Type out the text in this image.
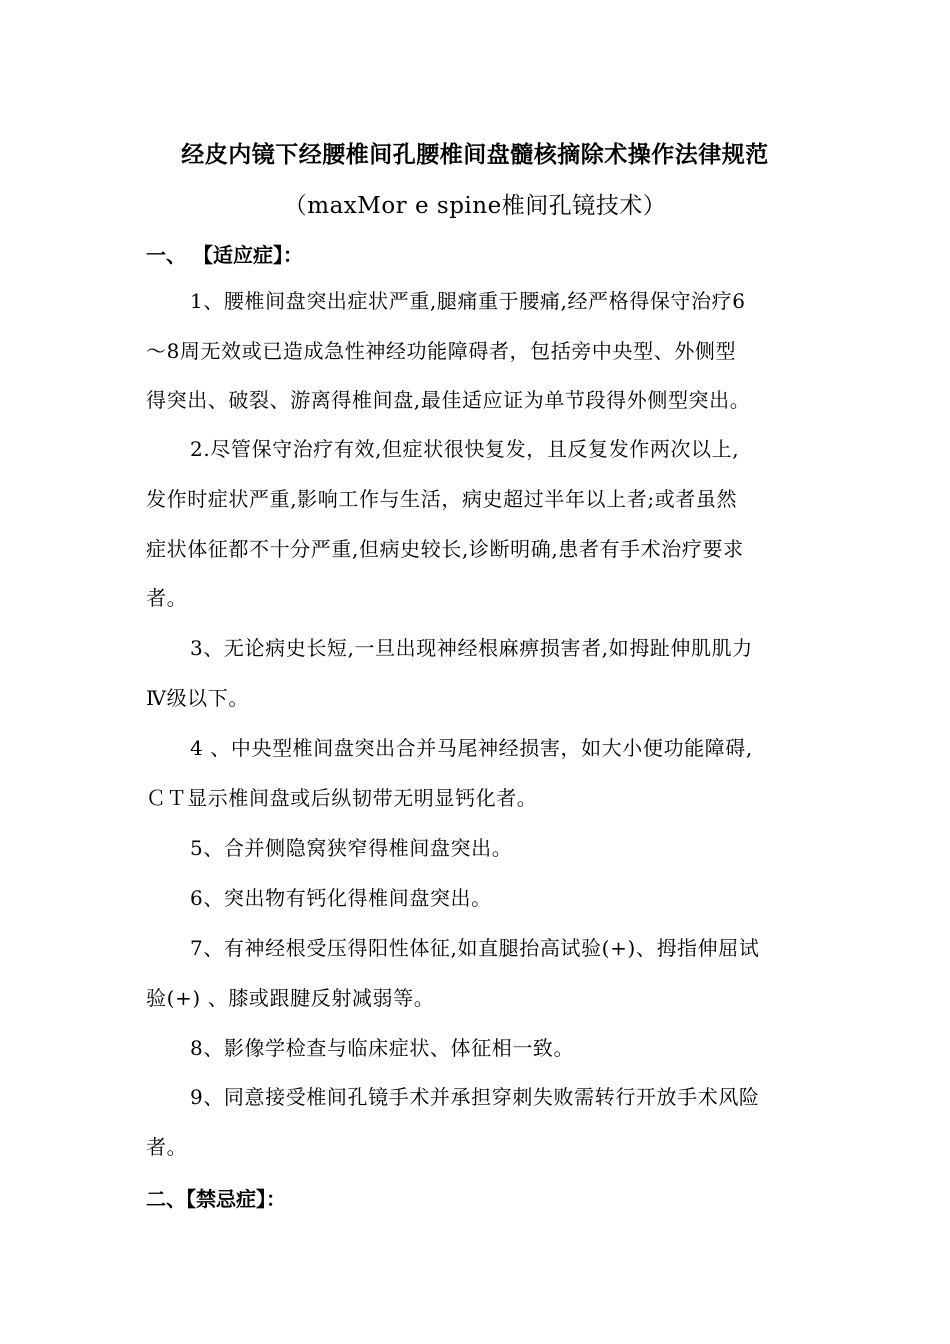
经皮内镜下经腰椎间孔腰椎间盘髓核摘除术操作法律规范
（maxMor e spine椎间孔镜技术）
一、 【适应症】：
1、腰椎间盘突出症状严重,腿痛重于腰痛,经严格得保守治疗6
～8周无效或已造成急性神经功能障碍者，包括旁中央型、外侧型
得突出、破裂、游离得椎间盘,最佳适应证为单节段得外侧型突出。
2.尽管保守治疗有效,但症状很快复发，且反复发作两次以上,
发作时症状严重,影响工作与生活，病史超过半年以上者;或者虽然
症状体征都不十分严重,但病史较长,诊断明确,患者有手术治疗要求
者。
3、无论病史长短,一旦出现神经根麻痹损害者,如拇趾伸肌肌力
Ⅳ级以下。
4 、中央型椎间盘突出合并马尾神经损害，如大小便功能障碍,
ＣＴ显示椎间盘或后纵韧带无明显钙化者。
5、合并侧隐窝狭窄得椎间盘突出。
6、突出物有钙化得椎间盘突出。
7、有神经根受压得阳性体征,如直腿抬高试验(+)、拇指伸屈试
验(+) 、膝或跟腱反射减弱等。
8、影像学检查与临床症状、体征相一致。
9、同意接受椎间孔镜手术并承担穿刺失败需转行开放手术风险
者。
二、【禁忌症】：
